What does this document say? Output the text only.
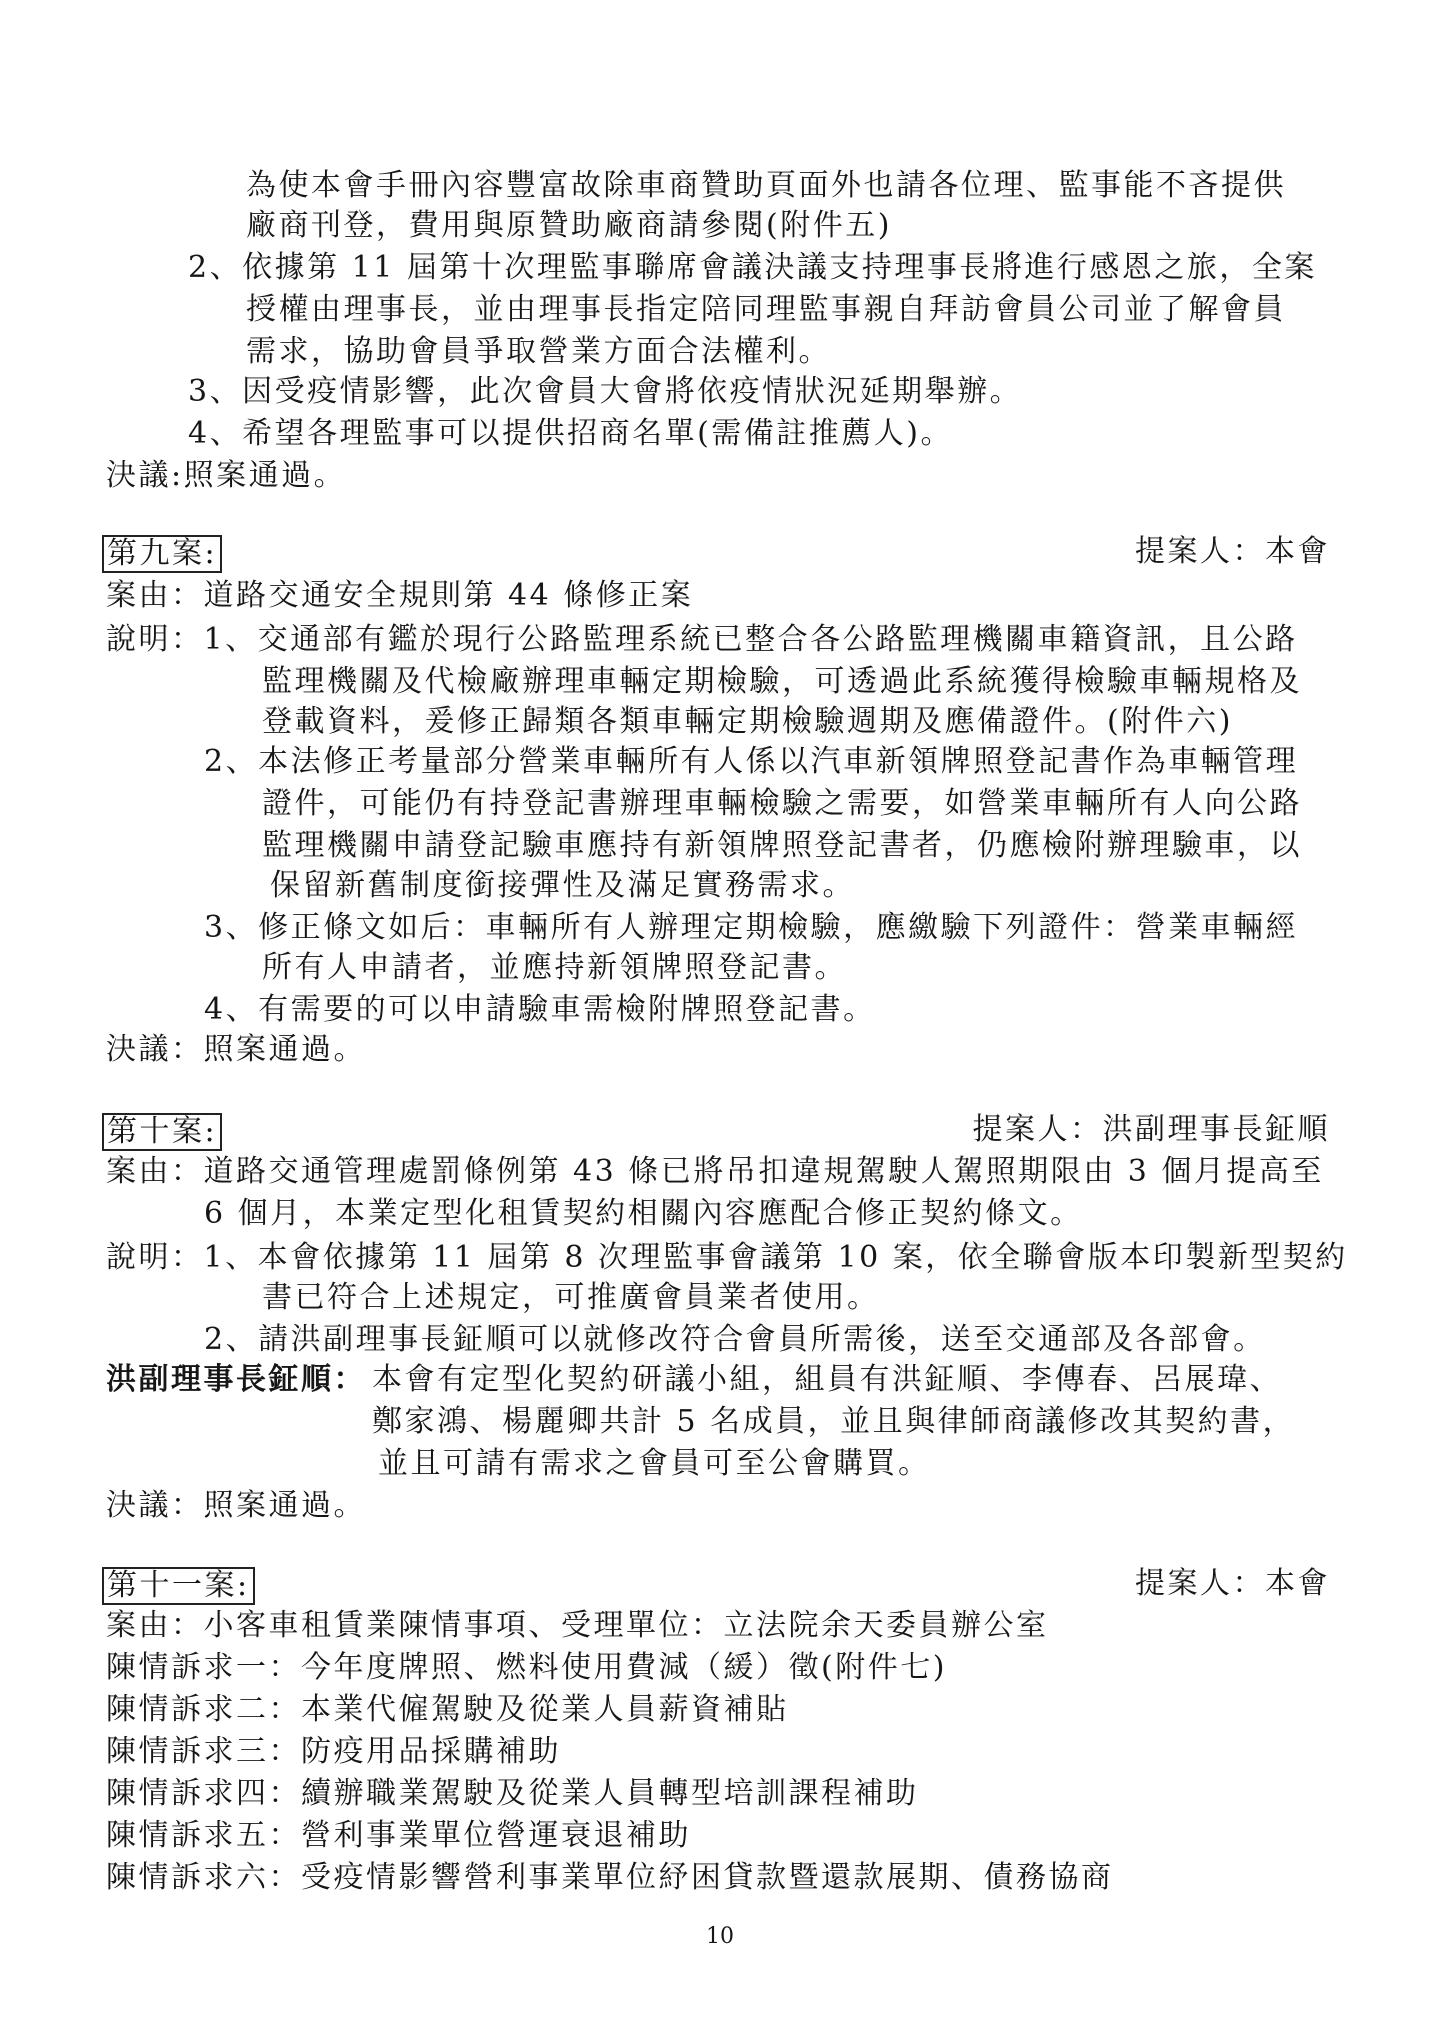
為使本會手冊內容豐富故除車商贊助頁面外也請各位理、監事能不吝提供
廠商刊登，費用與原贊助廠商請參閱(附件五)
2、依據第 11 屆第十次理監事聯席會議決議支持理事長將進行感恩之旅，全案
授權由理事長，並由理事長指定陪同理監事親自拜訪會員公司並了解會員
需求，協助會員爭取營業方面合法權利。
3、因受疫情影響，此次會員大會將依疫情狀況延期舉辦。
4、希望各理監事可以提供招商名單(需備註推薦人)。
決議:照案通過。
第九案:	提案人：本會
案由：道路交通安全規則第 44 條修正案
說明：1、交通部有鑑於現行公路監理系統已整合各公路監理機關車籍資訊，且公路
監理機關及代檢廠辦理車輛定期檢驗，可透過此系統獲得檢驗車輛規格及
登載資料，爰修正歸類各類車輛定期檢驗週期及應備證件。(附件六)
2、本法修正考量部分營業車輛所有人係以汽車新領牌照登記書作為車輛管理
證件，可能仍有持登記書辦理車輛檢驗之需要，如營業車輛所有人向公路
監理機關申請登記驗車應持有新領牌照登記書者，仍應檢附辦理驗車，以
保留新舊制度銜接彈性及滿足實務需求。
3、修正條文如后：車輛所有人辦理定期檢驗，應繳驗下列證件：營業車輛經
所有人申請者，並應持新領牌照登記書。
4、有需要的可以申請驗車需檢附牌照登記書。
決議：照案通過。
第十案:	提案人：洪副理事長鉦順
案由：道路交通管理處罰條例第 43 條已將吊扣違規駕駛人駕照期限由 3 個月提高至
6 個月，本業定型化租賃契約相關內容應配合修正契約條文。
說明：1、本會依據第 11 屆第 8 次理監事會議第 10 案，依全聯會版本印製新型契約
書已符合上述規定，可推廣會員業者使用。
2、請洪副理事長鉦順可以就修改符合會員所需後，送至交通部及各部會。
洪副理事長鉦順： 本會有定型化契約研議小組，組員有洪鉦順、李傳春、呂展瑋、
鄭家鴻、楊麗卿共計 5 名成員，並且與律師商議修改其契約書，
並且可請有需求之會員可至公會購買。
決議：照案通過。
第十一案:	提案人：本會
案由：小客車租賃業陳情事項、受理單位：立法院余天委員辦公室
陳情訴求一：今年度牌照、燃料使用費減（緩）徵(附件七)
陳情訴求二：本業代僱駕駛及從業人員薪資補貼
陳情訴求三：防疫用品採購補助
陳情訴求四：續辦職業駕駛及從業人員轉型培訓課程補助
陳情訴求五：營利事業單位營運衰退補助
陳情訴求六：受疫情影響營利事業單位紓困貸款暨還款展期、債務協商
10
